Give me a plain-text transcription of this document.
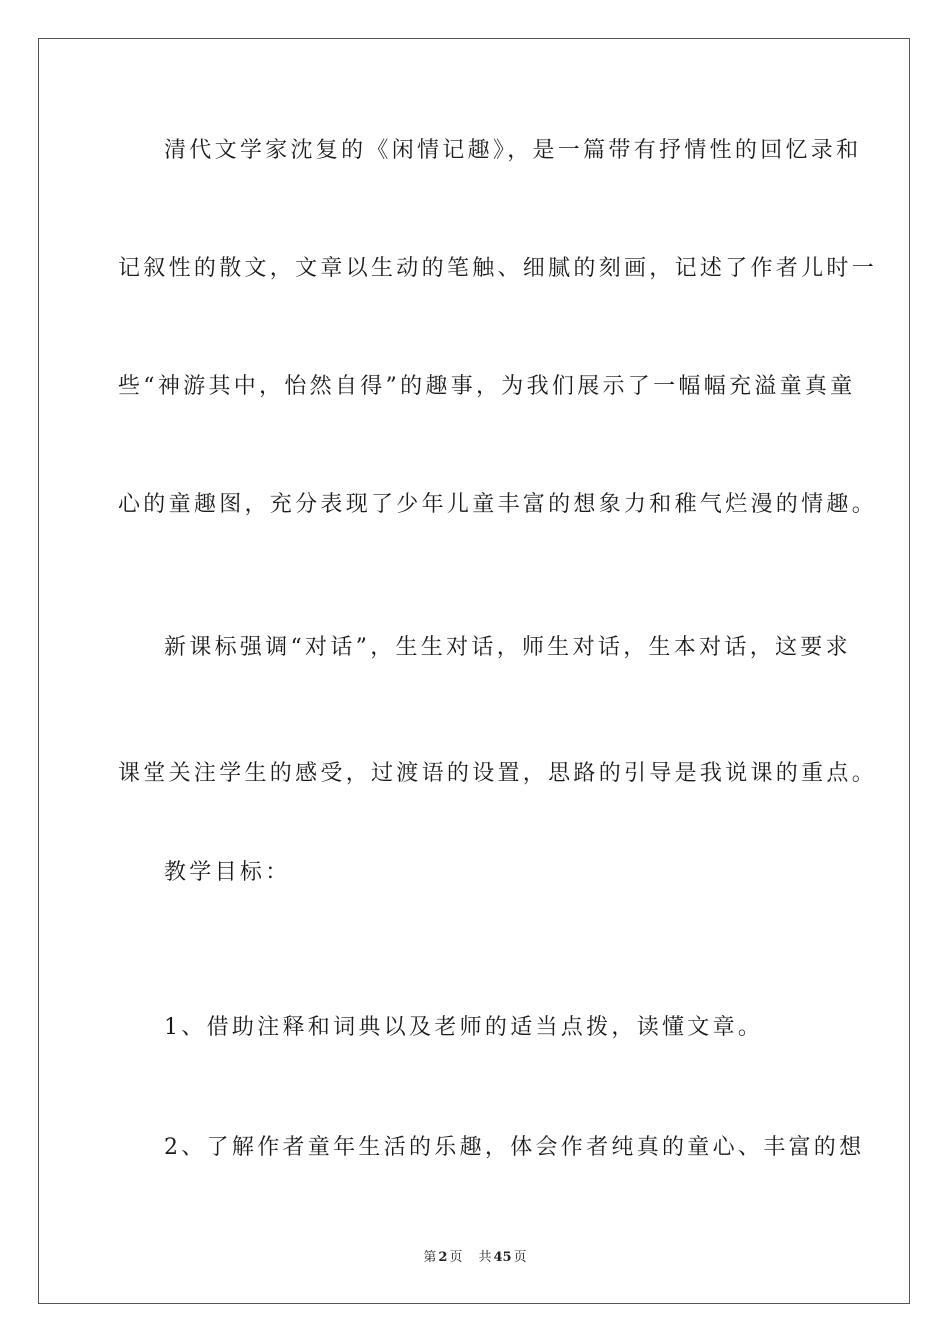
清代文学家沈复的《闲情记趣》，是一篇带有抒情性的回忆录和
记叙性的散文，文章以生动的笔触、细腻的刻画，记述了作者儿时一
些“神游其中，怡然自得”的趣事，为我们展示了一幅幅充溢童真童
心的童趣图，充分表现了少年儿童丰富的想象力和稚气烂漫的情趣。
新课标强调“对话”，生生对话，师生对话，生本对话，这要求
课堂关注学生的感受，过渡语的设置，思路的引导是我说课的重点。
教学目标：
1、借助注释和词典以及老师的适当点拨，读懂文章。
2、了解作者童年生活的乐趣，体会作者纯真的童心、丰富的想
第 2 页 共 45 页
